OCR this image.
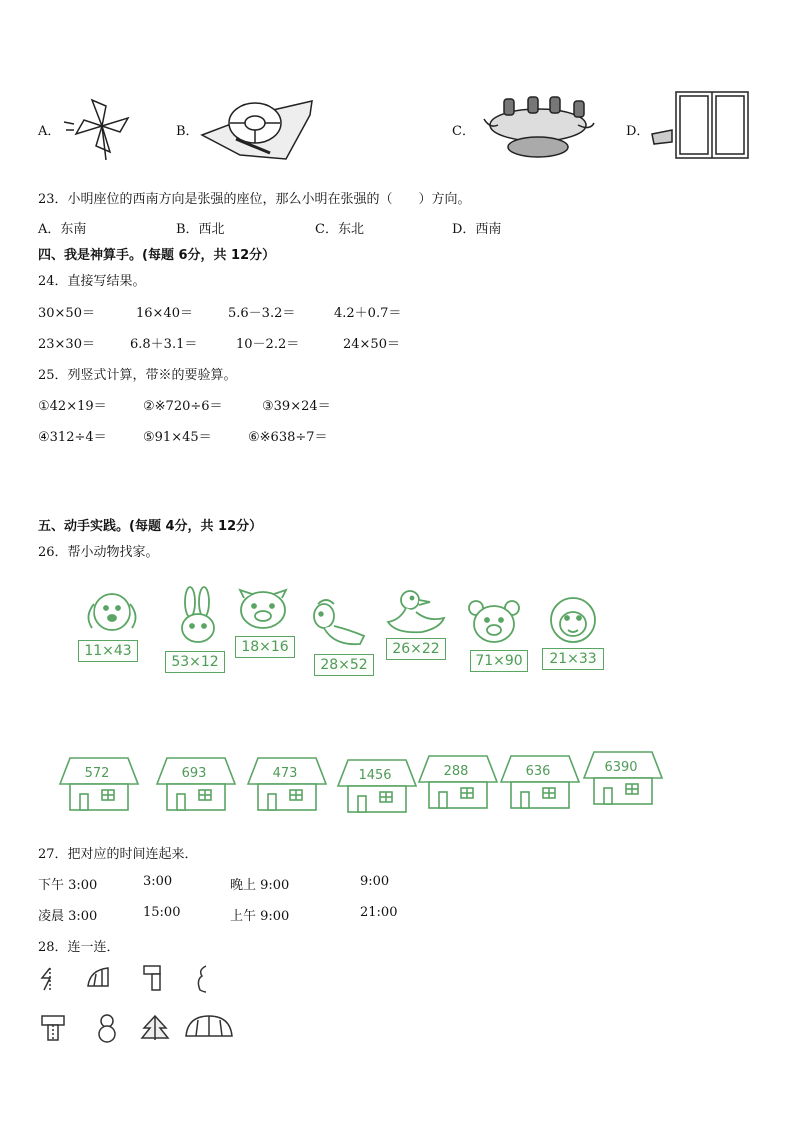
A．	B．	C．	D．
23．小明座位的西南方向是张强的座位，那么小明在张强的（　　）方向。
A．东南	B．西北	C．东北	D．西南
四、我是神算手。(每题 6分，共 12分）
24．直接写结果。
30×50＝	16×40＝	5.6－3.2＝	4.2＋0.7＝
23×30＝	6.8＋3.1＝	10－2.2＝	24×50＝
25．列竖式计算，带※的要验算。
①42×19＝	②※720÷6＝	③39×24＝
④312÷4＝	⑤91×45＝	⑥※638÷7＝
五、动手实践。(每题 4分，共 12分）
26．帮小动物找家。
11×43
53×12
18×16
28×52
26×22
71×90	21×33
572	693	473	1456	288	636	6390
27．把对应的时间连起来．
下午 3:00	3:00	晚上 9:00	9:00
凌晨 3:00	15:00	上午 9:00	21:00
28．连一连．
